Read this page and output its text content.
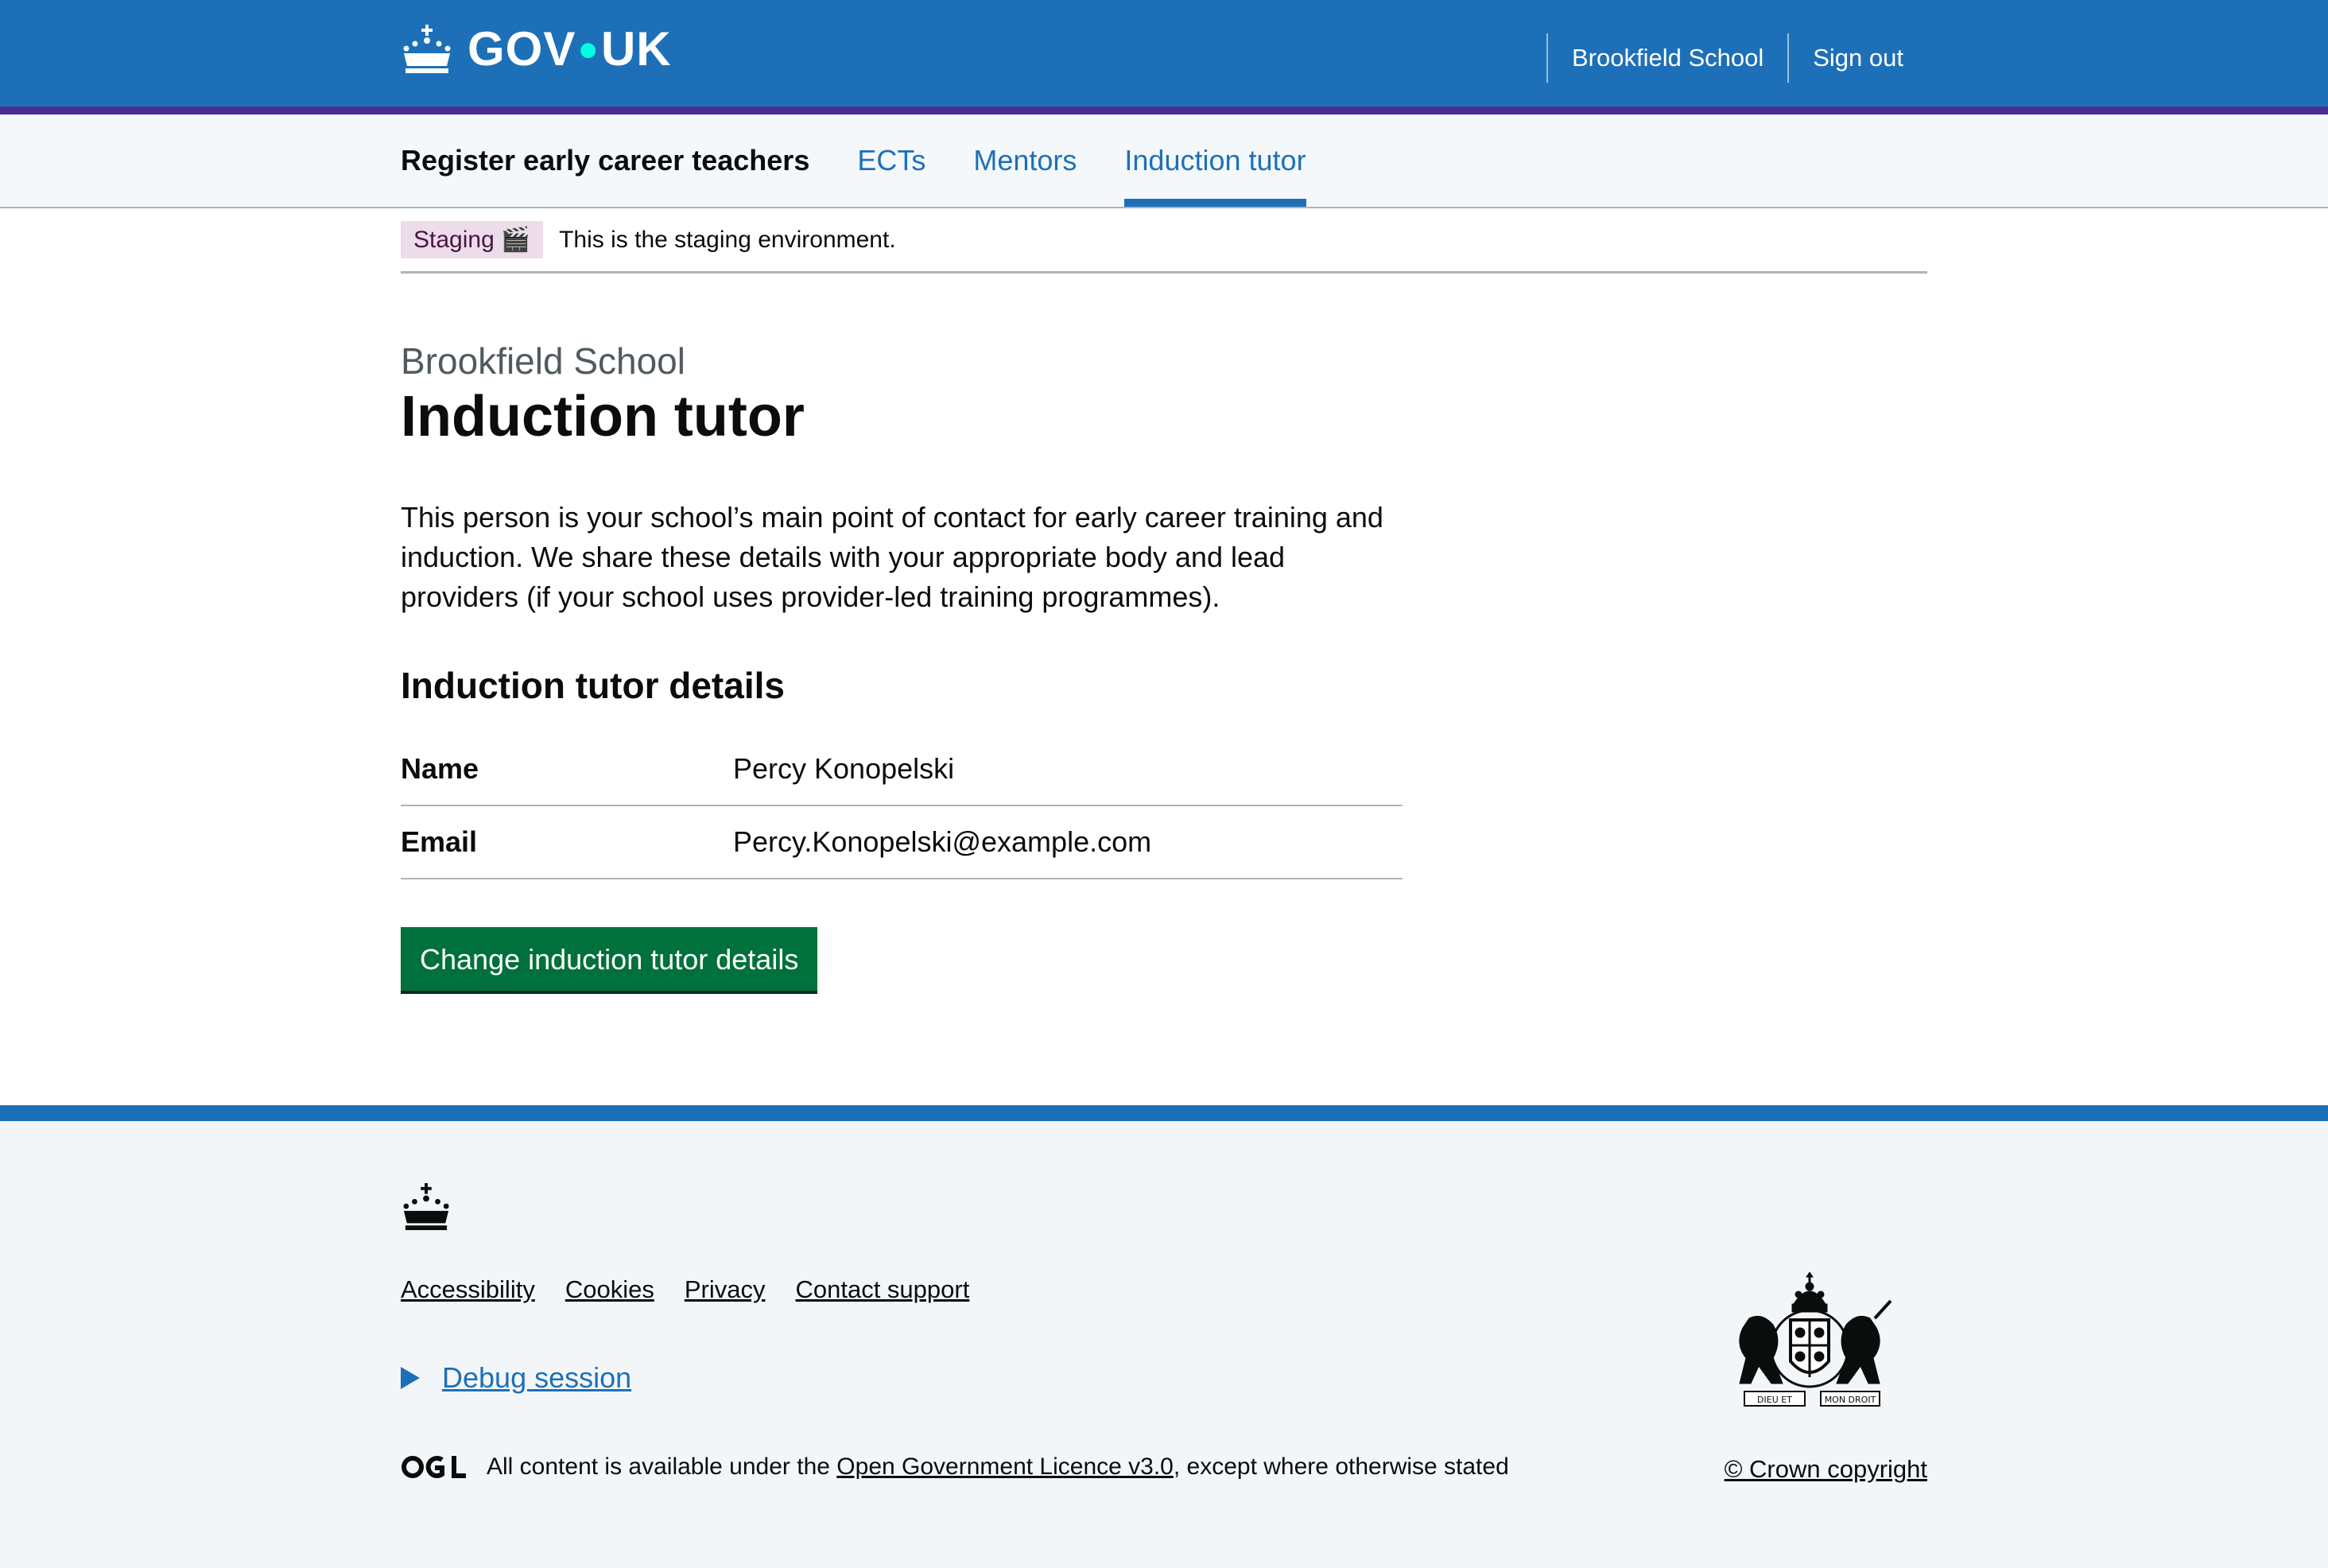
GOV●UK	Brookfield School	Sign out
Register early career teachers ECTs Mentors Induction tutor
Staging 🎬 This is the staging environment.
Brookfield School
Induction tutor

This person is your school’s main point of contact for early career training and induction. We share these details with your appropriate body and lead providers (if your school uses provider-led training programmes).

Induction tutor details
Name	Percy Konopelski
Email	Percy.Konopelski@example.com
Change induction tutor details
Accessibility Cookies Privacy Contact support
Debug session
All content is available under the Open Government Licence v3.0, except where otherwise stated
DIEU ET	MON DROIT
© Crown copyright
